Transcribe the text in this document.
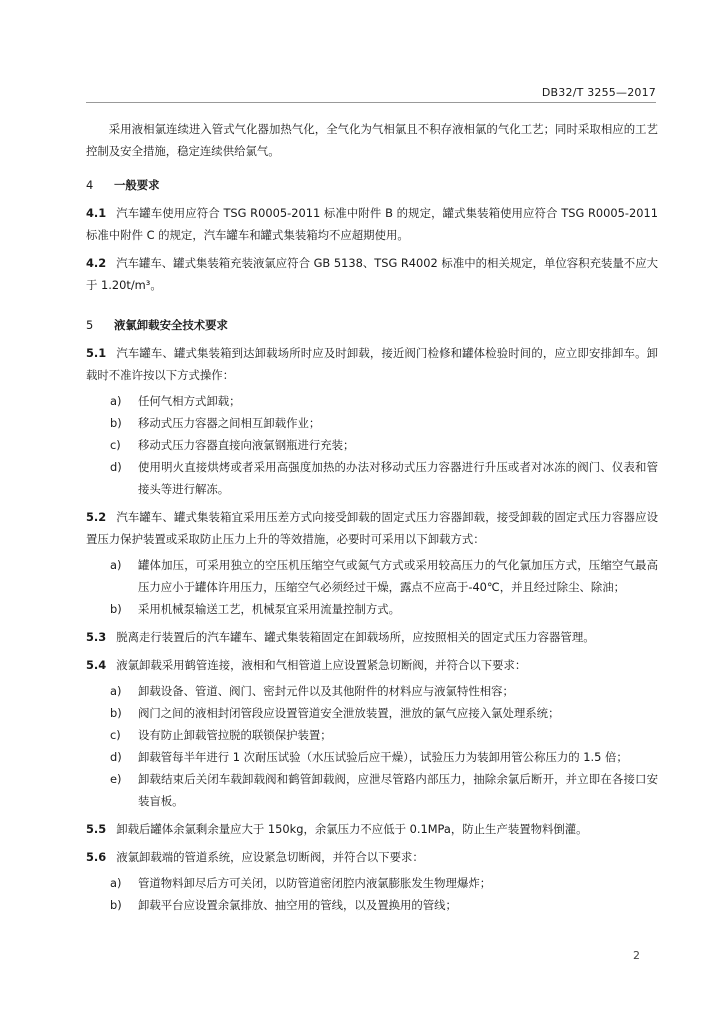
DB32/T 3255—2017

采用液相氯连续进入管式气化器加热气化，全气化为气相氯且不积存液相氯的气化工艺；同时采取相应的工艺控制及安全措施，稳定连续供给氯气。

4	一般要求

4.1 汽车罐车使用应符合 TSG R0005-2011 标准中附件 B 的规定，罐式集装箱使用应符合 TSG R0005-2011 标准中附件 C 的规定，汽车罐车和罐式集装箱均不应超期使用。

4.2 汽车罐车、罐式集装箱充装液氯应符合 GB 5138、TSG R4002 标准中的相关规定，单位容积充装量不应大于 1.20t/m³。

5	液氯卸载安全技术要求

5.1 汽车罐车、罐式集装箱到达卸载场所时应及时卸载，接近阀门检修和罐体检验时间的，应立即安排卸车。卸载时不准许按以下方式操作：

a)	任何气相方式卸载；
b)	移动式压力容器之间相互卸载作业；
c)	移动式压力容器直接向液氯钢瓶进行充装；
d)	使用明火直接烘烤或者采用高强度加热的办法对移动式压力容器进行升压或者对冰冻的阀门、仪表和管接头等进行解冻。

5.2 汽车罐车、罐式集装箱宜采用压差方式向接受卸载的固定式压力容器卸载，接受卸载的固定式压力容器应设置压力保护装置或采取防止压力上升的等效措施，必要时可采用以下卸载方式：

a)	罐体加压，可采用独立的空压机压缩空气或氮气方式或采用较高压力的气化氯加压方式，压缩空气最高压力应小于罐体许用压力，压缩空气必须经过干燥，露点不应高于-40℃，并且经过除尘、除油；
b)	采用机械泵输送工艺，机械泵宜采用流量控制方式。

5.3 脱离走行装置后的汽车罐车、罐式集装箱固定在卸载场所，应按照相关的固定式压力容器管理。

5.4 液氯卸载采用鹤管连接，液相和气相管道上应设置紧急切断阀，并符合以下要求：

a)	卸载设备、管道、阀门、密封元件以及其他附件的材料应与液氯特性相容；
b)	阀门之间的液相封闭管段应设置管道安全泄放装置，泄放的氯气应接入氯处理系统；
c)	设有防止卸载管拉脱的联锁保护装置；
d)	卸载管每半年进行 1 次耐压试验（水压试验后应干燥），试验压力为装卸用管公称压力的 1.5 倍；
e)	卸载结束后关闭车载卸载阀和鹤管卸载阀，应泄尽管路内部压力，抽除余氯后断开，并立即在各接口安装盲板。

5.5 卸载后罐体余氯剩余量应大于 150kg，余氯压力不应低于 0.1MPa，防止生产装置物料倒灌。

5.6 液氯卸载端的管道系统，应设紧急切断阀，并符合以下要求：

a)	管道物料卸尽后方可关闭，以防管道密闭腔内液氯膨胀发生物理爆炸；
b)	卸载平台应设置余氯排放、抽空用的管线，以及置换用的管线；
2
